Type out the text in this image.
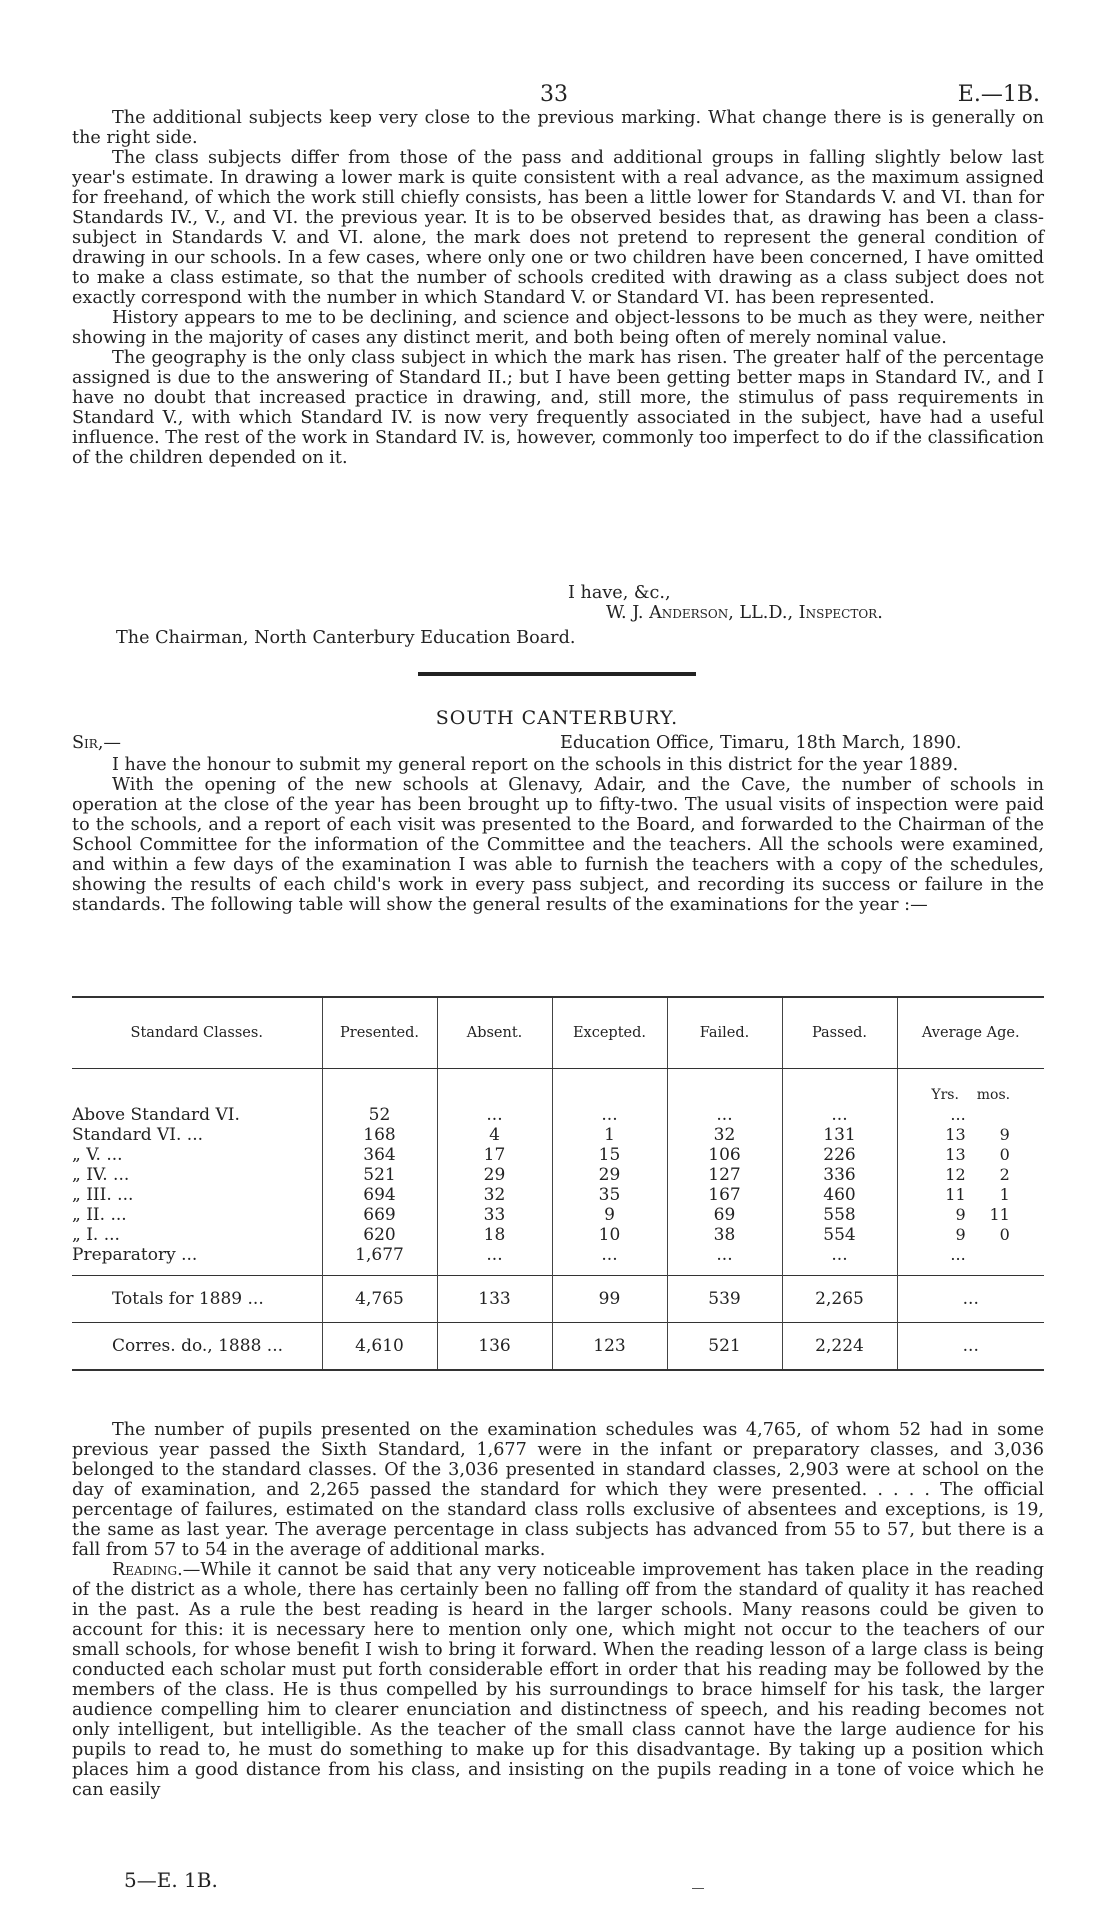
33	E.—1B.

The additional subjects keep very close to the previous marking. What change there is is generally on the right side.

The class subjects differ from those of the pass and additional groups in falling slightly below last year's estimate. In drawing a lower mark is quite consistent with a real advance, as the maximum assigned for freehand, of which the work still chiefly consists, has been a little lower for Standards V. and VI. than for Standards IV., V., and VI. the previous year. It is to be observed besides that, as drawing has been a class-subject in Standards V. and VI. alone, the mark does not pretend to represent the general condition of drawing in our schools. In a few cases, where only one or two children have been concerned, I have omitted to make a class estimate, so that the number of schools credited with drawing as a class subject does not exactly correspond with the number in which Standard V. or Standard VI. has been represented.

History appears to me to be declining, and science and object-lessons to be much as they were, neither showing in the majority of cases any distinct merit, and both being often of merely nominal value.

The geography is the only class subject in which the mark has risen. The greater half of the percentage assigned is due to the answering of Standard II.; but I have been getting better maps in Standard IV., and I have no doubt that increased practice in drawing, and, still more, the stimulus of pass requirements in Standard V., with which Standard IV. is now very frequently associated in the subject, have had a useful influence. The rest of the work in Standard IV. is, however, commonly too imperfect to do if the classification of the children depended on it.

I have, &c.,
W. J. Anderson, LL.D., Inspector.
The Chairman, North Canterbury Education Board.
SOUTH CANTERBURY.
Sir,—	Education Office, Timaru, 18th March, 1890.

I have the honour to submit my general report on the schools in this district for the year 1889.

With the opening of the new schools at Glenavy, Adair, and the Cave, the number of schools in operation at the close of the year has been brought up to fifty-two. The usual visits of inspection were paid to the schools, and a report of each visit was presented to the Board, and forwarded to the Chairman of the School Committee for the information of the Committee and the teachers. All the schools were examined, and within a few days of the examination I was able to furnish the teachers with a copy of the schedules, showing the results of each child's work in every pass subject, and recording its success or failure in the standards. The following table will show the general results of the examinations for the year :—

Standard Classes.	Presented.	Absent.	Excepted.	Failed.	Passed.	Average Age.
						Yrs. mos.
Above Standard VI.	52	...	...	...	...	...
Standard VI. ...	168	4	1	32	131	13 9
„ V. ...	364	17	15	106	226	13 0
„ IV. ...	521	29	29	127	336	12 2
„ III. ...	694	32	35	167	460	11 1
„ II. ...	669	33	9	69	558	9 11
„ I. ...	620	18	10	38	554	9 0
Preparatory ...	1,677	...	...	...	...	...

Totals for 1889 ...	4,765	133	99	539	2,265	...
Corres. do., 1888 ...	4,610	136	123	521	2,224	...

The number of pupils presented on the examination schedules was 4,765, of whom 52 had in some previous year passed the Sixth Standard, 1,677 were in the infant or preparatory classes, and 3,036 belonged to the standard classes. Of the 3,036 presented in standard classes, 2,903 were at school on the day of examination, and 2,265 passed the standard for which they were presented. . . . . The official percentage of failures, estimated on the standard class rolls exclusive of absentees and exceptions, is 19, the same as last year. The average percentage in class subjects has advanced from 55 to 57, but there is a fall from 57 to 54 in the average of additional marks.

Reading.—While it cannot be said that any very noticeable improvement has taken place in the reading of the district as a whole, there has certainly been no falling off from the standard of quality it has reached in the past. As a rule the best reading is heard in the larger schools. Many reasons could be given to account for this: it is necessary here to mention only one, which might not occur to the teachers of our small schools, for whose benefit I wish to bring it forward. When the reading lesson of a large class is being conducted each scholar must put forth considerable effort in order that his reading may be followed by the members of the class. He is thus compelled by his surroundings to brace himself for his task, the larger audience compelling him to clearer enunciation and distinctness of speech, and his reading becomes not only intelligent, but intelligible. As the teacher of the small class cannot have the large audience for his pupils to read to, he must do something to make up for this disadvantage. By taking up a position which places him a good distance from his class, and insisting on the pupils reading in a tone of voice which he can easily

5—E. 1B.
